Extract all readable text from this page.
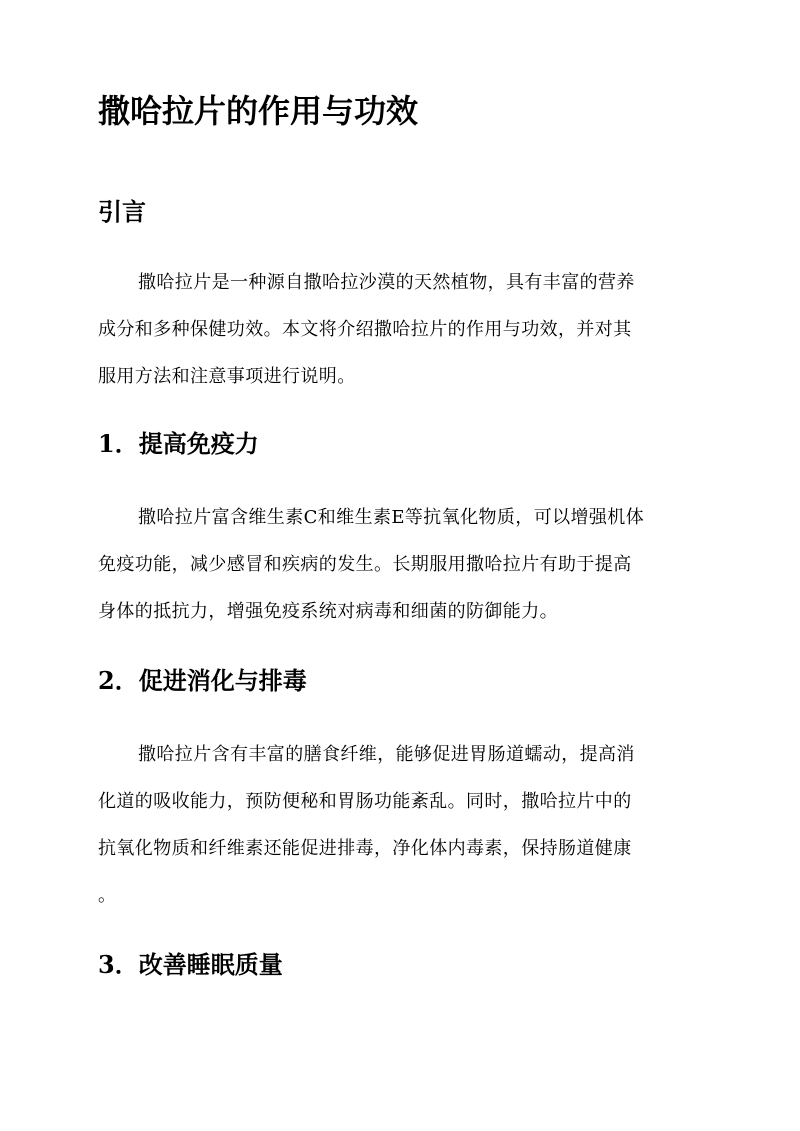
撒哈拉片的作用与功效
引言
撒哈拉片是一种源自撒哈拉沙漠的天然植物，具有丰富的营养
成分和多种保健功效。本文将介绍撒哈拉片的作用与功效，并对其
服用方法和注意事项进行说明。
1．提高免疫力
撒哈拉片富含维生素C和维生素E等抗氧化物质，可以增强机体
免疫功能，减少感冒和疾病的发生。长期服用撒哈拉片有助于提高
身体的抵抗力，增强免疫系统对病毒和细菌的防御能力。
2．促进消化与排毒
撒哈拉片含有丰富的膳食纤维，能够促进胃肠道蠕动，提高消
化道的吸收能力，预防便秘和胃肠功能紊乱。同时，撒哈拉片中的
抗氧化物质和纤维素还能促进排毒，净化体内毒素，保持肠道健康
。
3．改善睡眠质量
